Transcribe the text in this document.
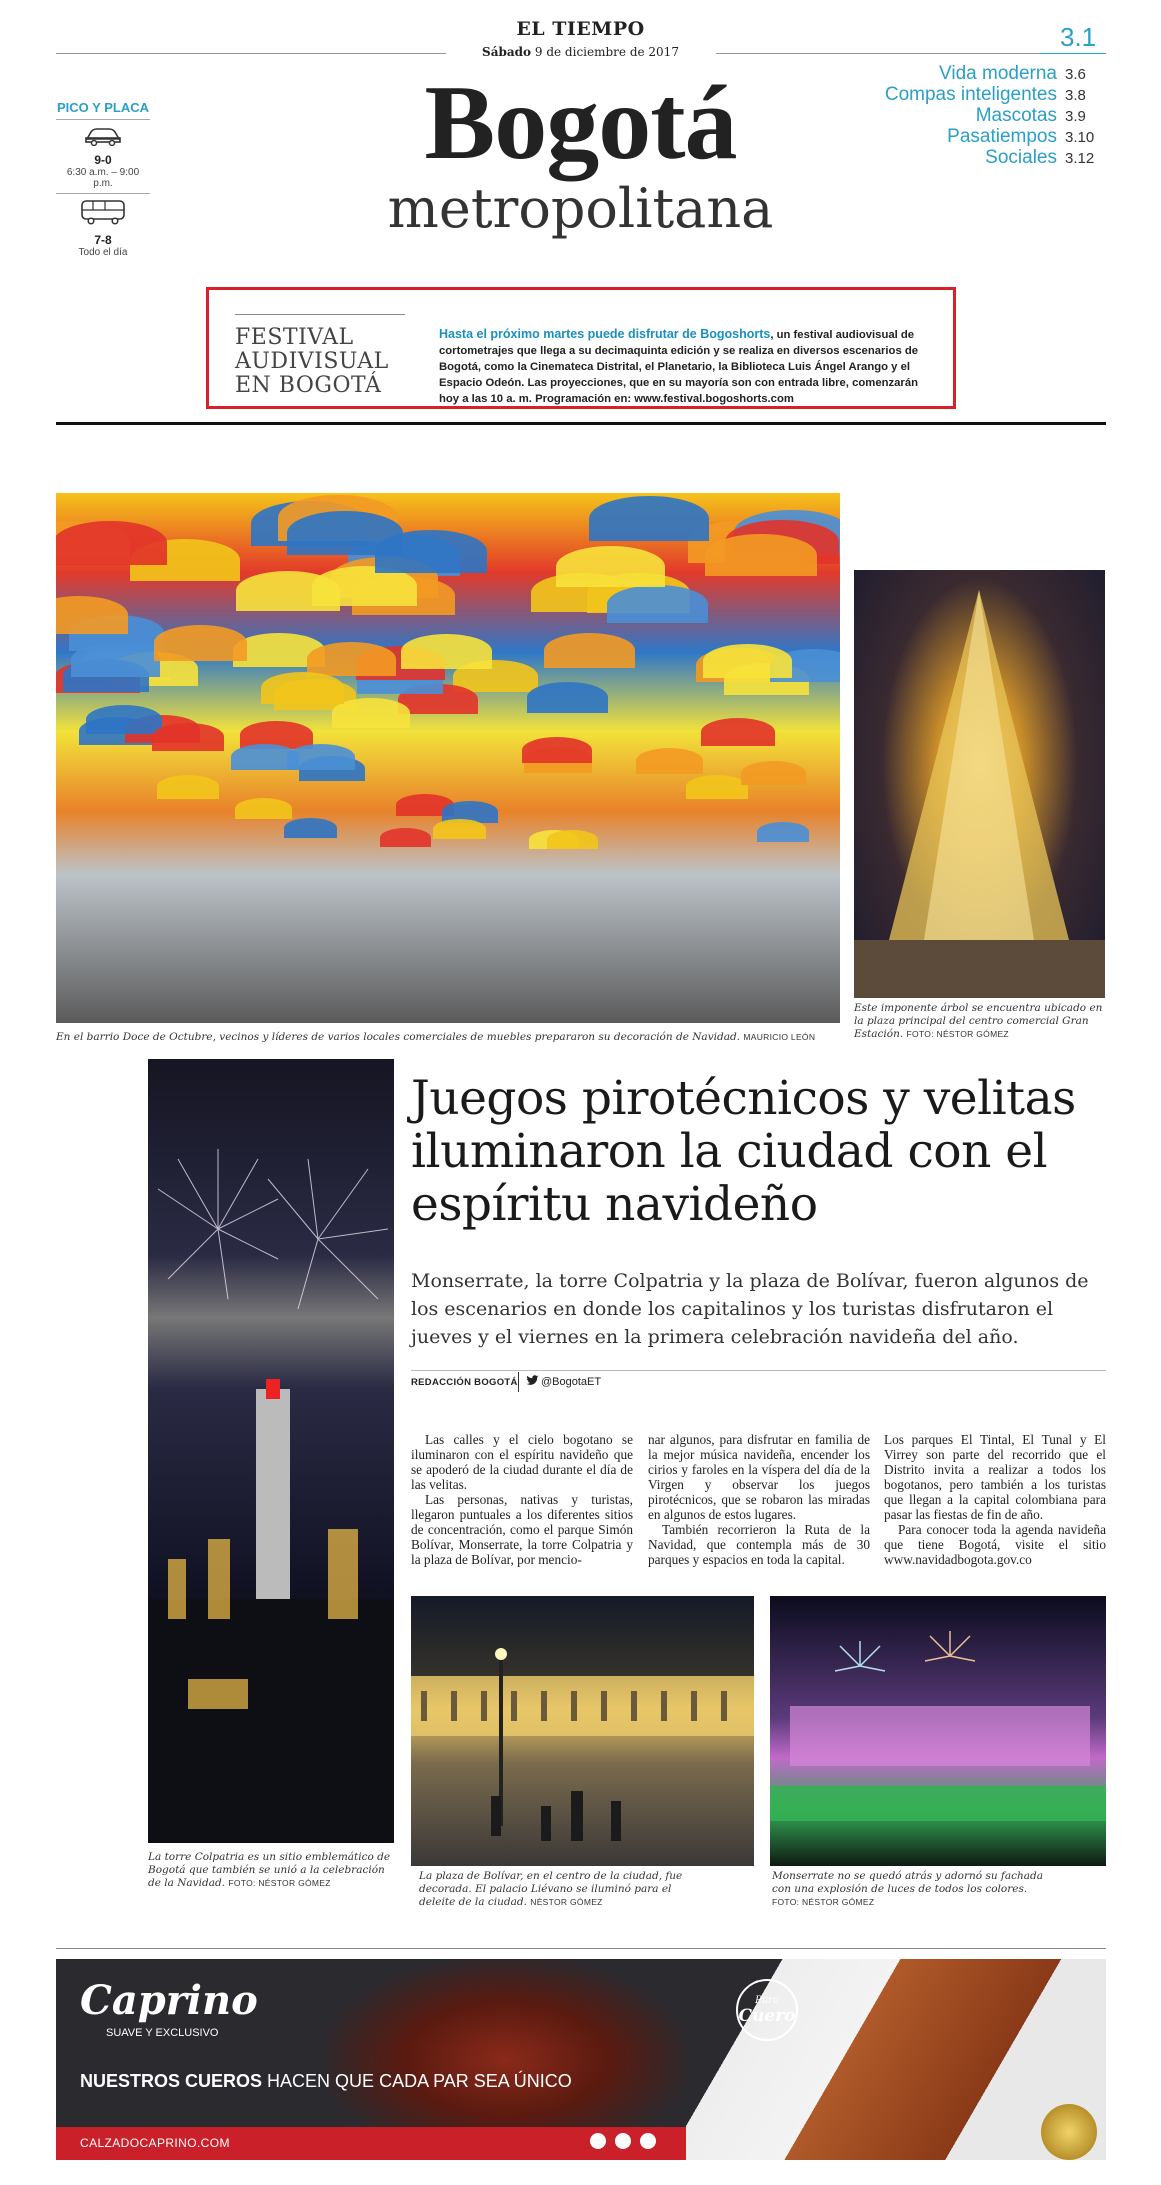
EL TIEMPO
Sábado 9 de diciembre de 2017	3.1
Bogotá
metropolitana
Vida moderna 3.6
Compas inteligentes 3.8
Mascotas 3.9
Pasatiempos 3.10
Sociales 3.12
PICO Y PLACA
9-0
6:30 a.m. – 9:00 p.m.
7-8
Todo el día
FESTIVAL
AUDIVISUAL
EN BOGOTÁ
Hasta el próximo martes puede disfrutar de Bogoshorts, un festival audiovisual de cortometrajes que llega a su decimaquinta edición y se realiza en diversos escenarios de Bogotá, como la Cinemateca Distrital, el Planetario, la Biblioteca Luis Ángel Arango y el Espacio Odeón. Las proyecciones, que en su mayoría son con entrada libre, comenzarán hoy a las 10 a. m. Programación en: www.festival.bogoshorts.com
En el barrio Doce de Octubre, vecinos y líderes de varios locales comerciales de muebles prepararon su decoración de Navidad. MAURICIO LEÓN
Este imponente árbol se encuentra ubicado en la plaza principal del centro comercial Gran Estación. FOTO: NÉSTOR GÓMEZ
La torre Colpatria es un sitio emblemático de Bogotá que también se unió a la celebración de la Navidad. FOTO: NÉSTOR GÓMEZ
Juegos pirotécnicos y velitas iluminaron la ciudad con el espíritu navideño
Monserrate, la torre Colpatria y la plaza de Bolívar, fueron algunos de los escenarios en donde los capitalinos y los turistas disfrutaron el jueves y el viernes en la primera celebración navideña del año.
REDACCIÓN BOGOTÁ	@BogotaET

Las calles y el cielo bogotano se iluminaron con el espíritu navideño que se apoderó de la ciudad durante el día de las velitas.

Las personas, nativas y turistas, llegaron puntuales a los diferentes sitios de concentración, como el parque Simón Bolívar, Monserrate, la torre Colpatria y la plaza de Bolívar, por mencio-

nar algunos, para disfrutar en familia de la mejor música navideña, encender los cirios y faroles en la víspera del día de la Virgen y observar los juegos pirotécnicos, que se robaron las miradas en algunos de estos lugares.

También recorrieron la Ruta de la Navidad, que contempla más de 30 parques y espacios en toda la capital.

Los parques El Tintal, El Tunal y El Virrey son parte del recorrido que el Distrito invita a realizar a todos los bogotanos, pero también a los turistas que llegan a la capital colombiana para pasar las fiestas de fin de año.

Para conocer toda la agenda navideña que tiene Bogotá, visite el sitio www.navidadbogota.gov.co

La plaza de Bolívar, en el centro de la ciudad, fue decorada. El palacio Liévano se iluminó para el deleite de la ciudad. NÉSTOR GÓMEZ
Monserrate no se quedó atrás y adornó su fachada con una explosión de luces de todos los colores. FOTO: NÉSTOR GÓMEZ
Caprino
SUAVE Y EXCLUSIVO
NUESTROS CUEROS HACEN QUE CADA PAR SEA ÚNICO
CALZADOCAPRINO.COM

Puro
Cuero
